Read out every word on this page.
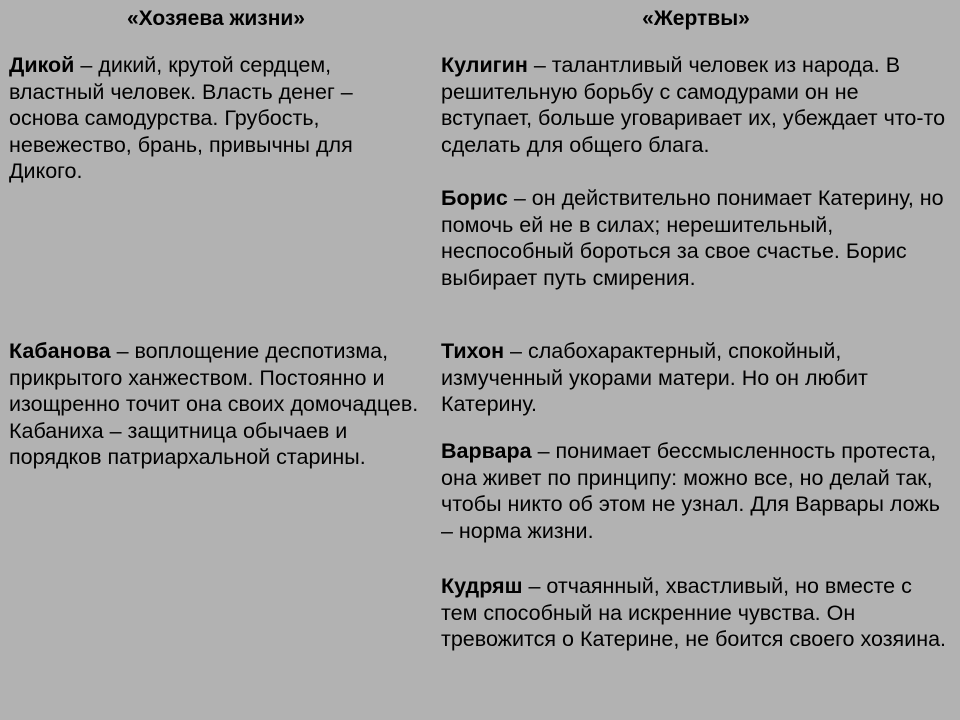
«Хозяева жизни»	«Жертвы»

Дикой – дикий, крутой сердцем, властный человек. Власть денег – основа самодурства. Грубость, невежество, брань, привычны для Дикого.

Кабанова – воплощение деспотизма, прикрытого ханжеством. Постоянно и изощренно точит она своих домочадцев. Кабаниха – защитница обычаев и порядков патриархальной старины.

Кулигин – талантливый человек из народа. В решительную борьбу с самодурами он не вступает, больше уговаривает их, убеждает что-то сделать для общего блага.

Борис – он действительно понимает Катерину, но помочь ей не в силах; нерешительный, неспособный бороться за свое счастье. Борис выбирает путь смирения.

Тихон – слабохарактерный, спокойный, измученный укорами матери. Но он любит Катерину.

Варвара – понимает бессмысленность протеста, она живет по принципу: можно все, но делай так, чтобы никто об этом не узнал. Для Варвары ложь – норма жизни.

Кудряш – отчаянный, хвастливый, но вместе с тем способный на искренние чувства. Он тревожится о Катерине, не боится своего хозяина.
